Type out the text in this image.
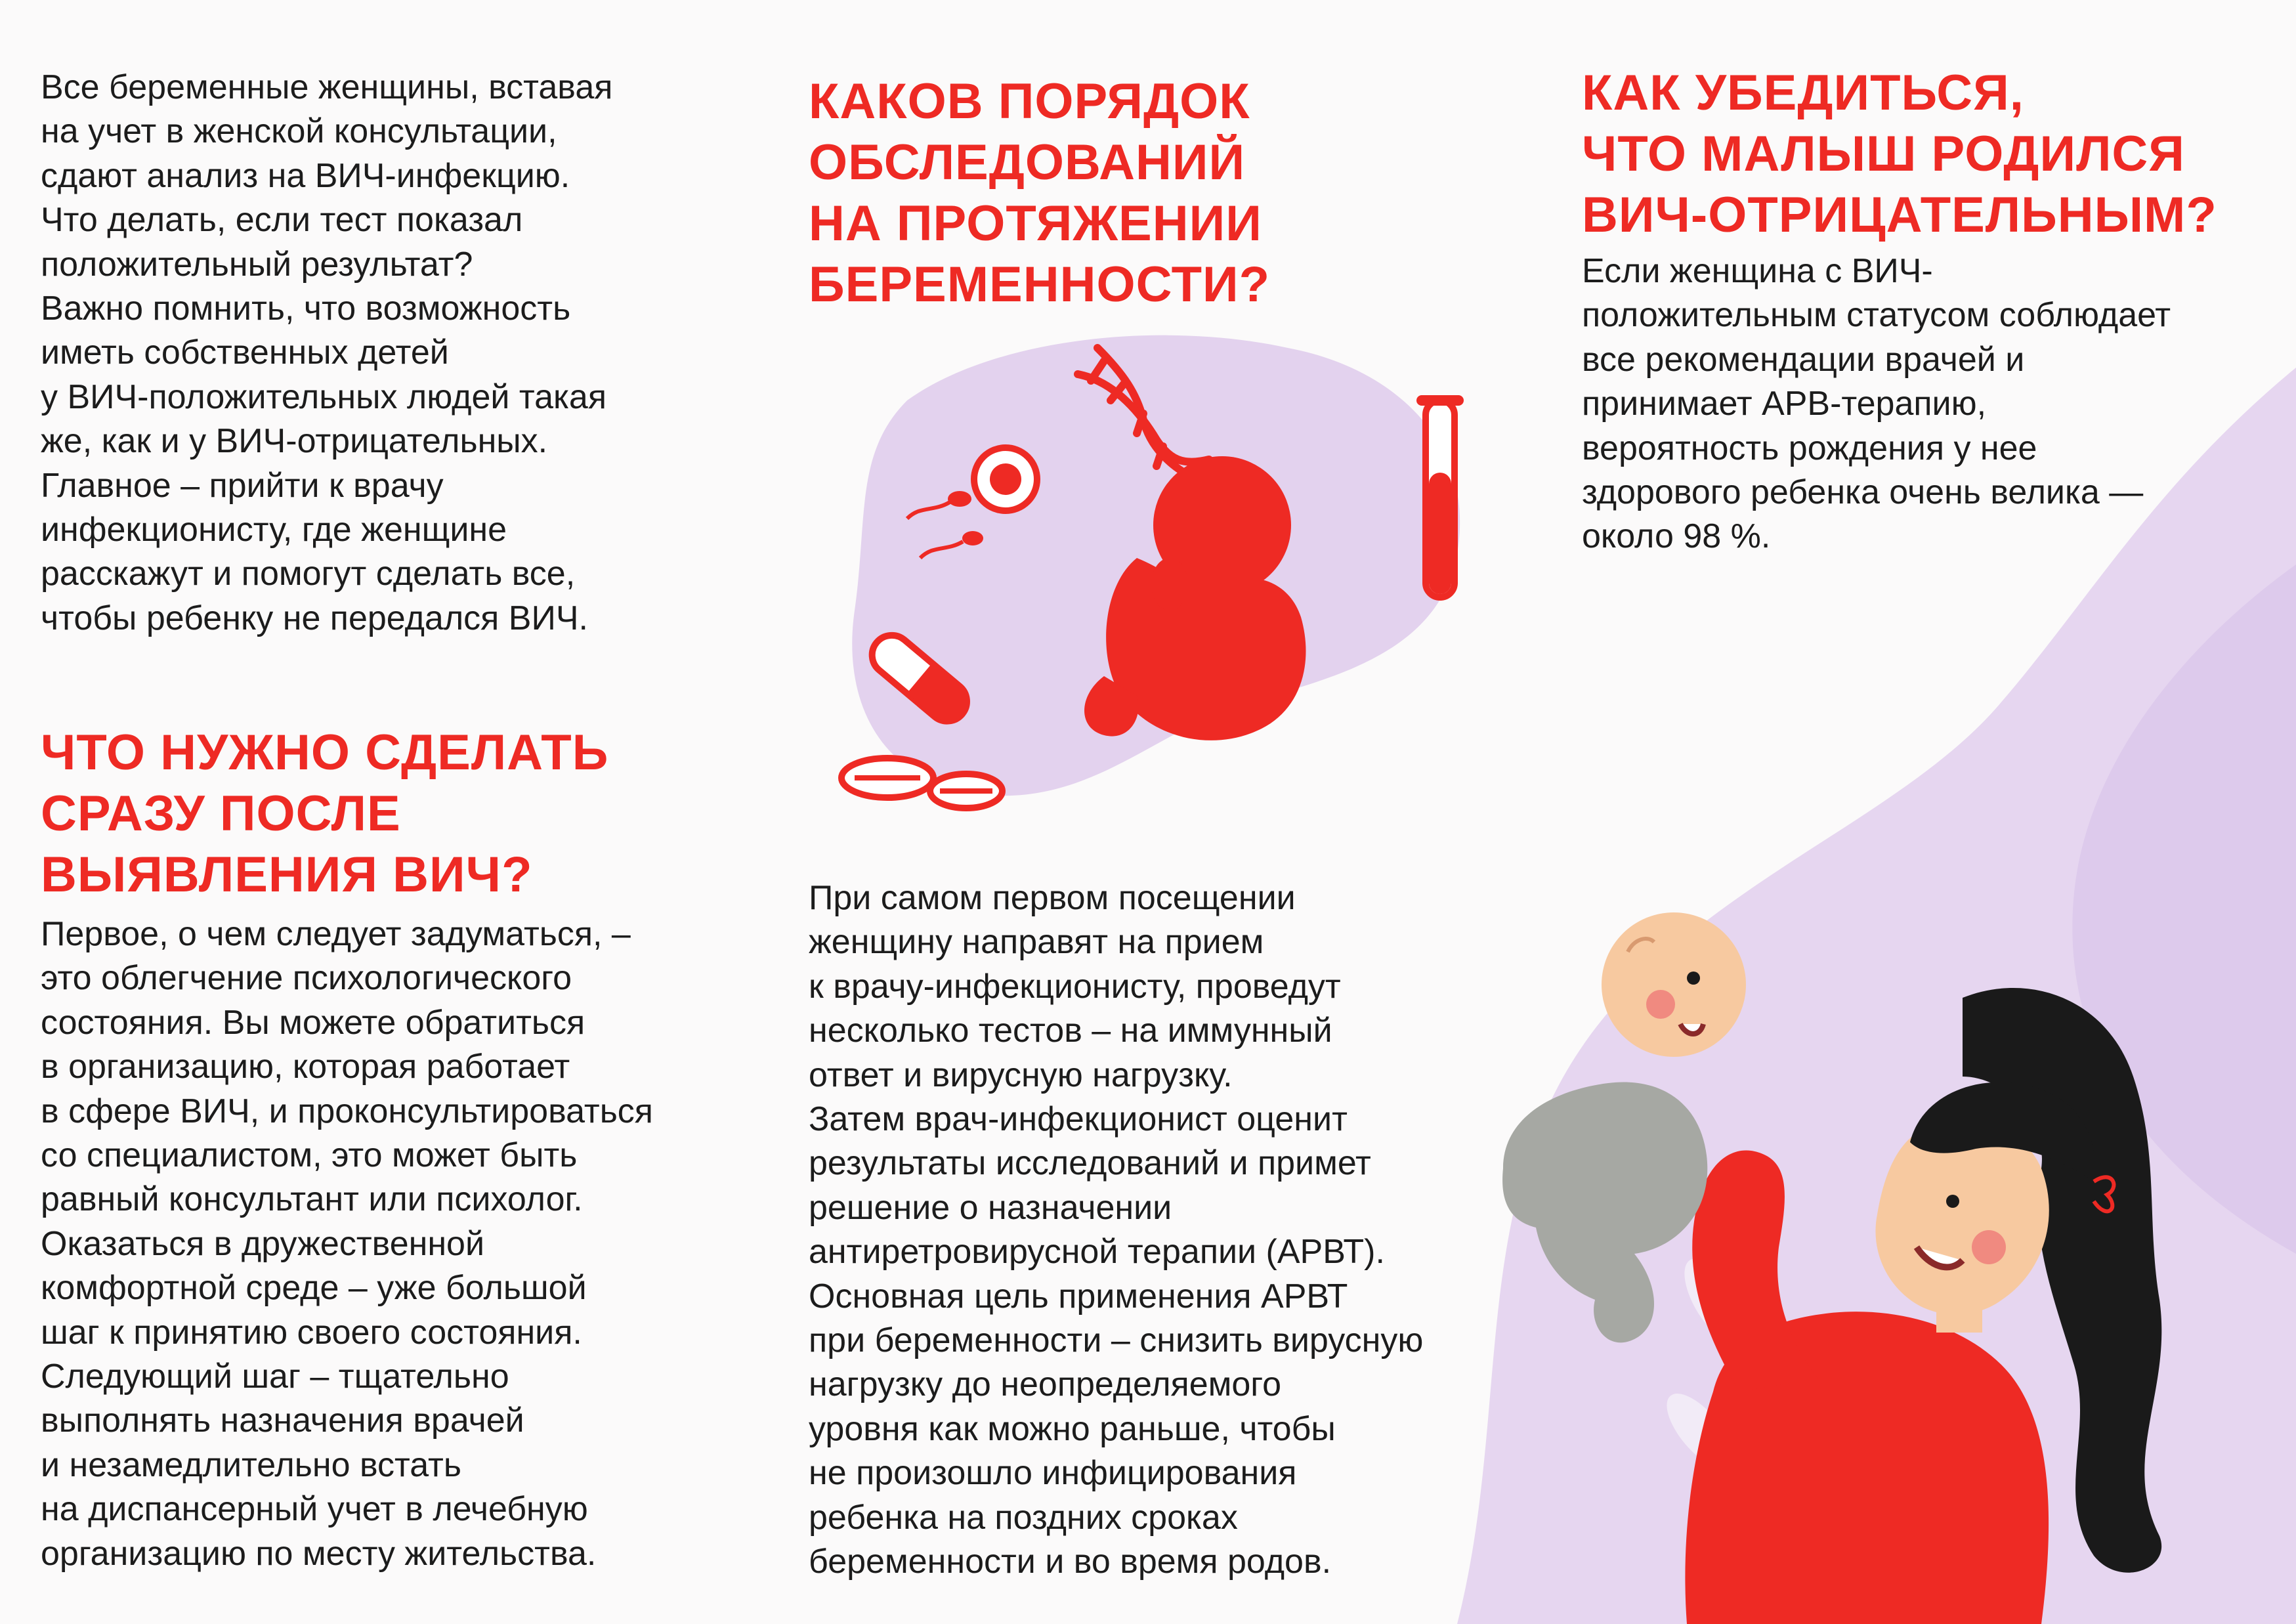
Все беременные женщины, вставая
на учет в женской консультации,
сдают анализ на ВИЧ-инфекцию.
Что делать, если тест показал
положительный результат?
Важно помнить, что возможность
иметь собственных детей
у ВИЧ-положительных людей такая
же, как и у ВИЧ-отрицательных.
Главное – прийти к врачу
инфекционисту, где женщине
расскажут и помогут сделать все,
чтобы ребенку не передался ВИЧ.

ЧТО НУЖНО СДЕЛАТЬ
СРАЗУ ПОСЛЕ
ВЫЯВЛЕНИЯ ВИЧ?

Первое, о чем следует задуматься, –
это облегчение психологического
состояния. Вы можете обратиться
в организацию, которая работает
в сфере ВИЧ, и проконсультироваться
со специалистом, это может быть
равный консультант или психолог.
Оказаться в дружественной
комфортной среде – уже большой
шаг к принятию своего состояния.
Следующий шаг – тщательно
выполнять назначения врачей
и незамедлительно встать
на диспансерный учет в лечебную
организацию по месту жительства.

КАКОВ ПОРЯДОК
ОБСЛЕДОВАНИЙ
НА ПРОТЯЖЕНИИ
БЕРЕМЕННОСТИ?

При самом первом посещении
женщину направят на прием
к врачу-инфекционисту, проведут
несколько тестов – на иммунный
ответ и вирусную нагрузку.
Затем врач-инфекционист оценит
результаты исследований и примет
решение о назначении
антиретровирусной терапии (АРВТ).
Основная цель применения АРВТ
при беременности – снизить вирусную
нагрузку до неопределяемого
уровня как можно раньше, чтобы
не произошло инфицирования
ребенка на поздних сроках
беременности и во время родов.

КАК УБЕДИТЬСЯ,
ЧТО МАЛЫШ РОДИЛСЯ
ВИЧ-ОТРИЦАТЕЛЬНЫМ?

Если женщина с ВИЧ-
положительным статусом соблюдает
все рекомендации врачей и
принимает АРВ-терапию,
вероятность рождения у нее
здорового ребенка очень велика —
около 98 %.
